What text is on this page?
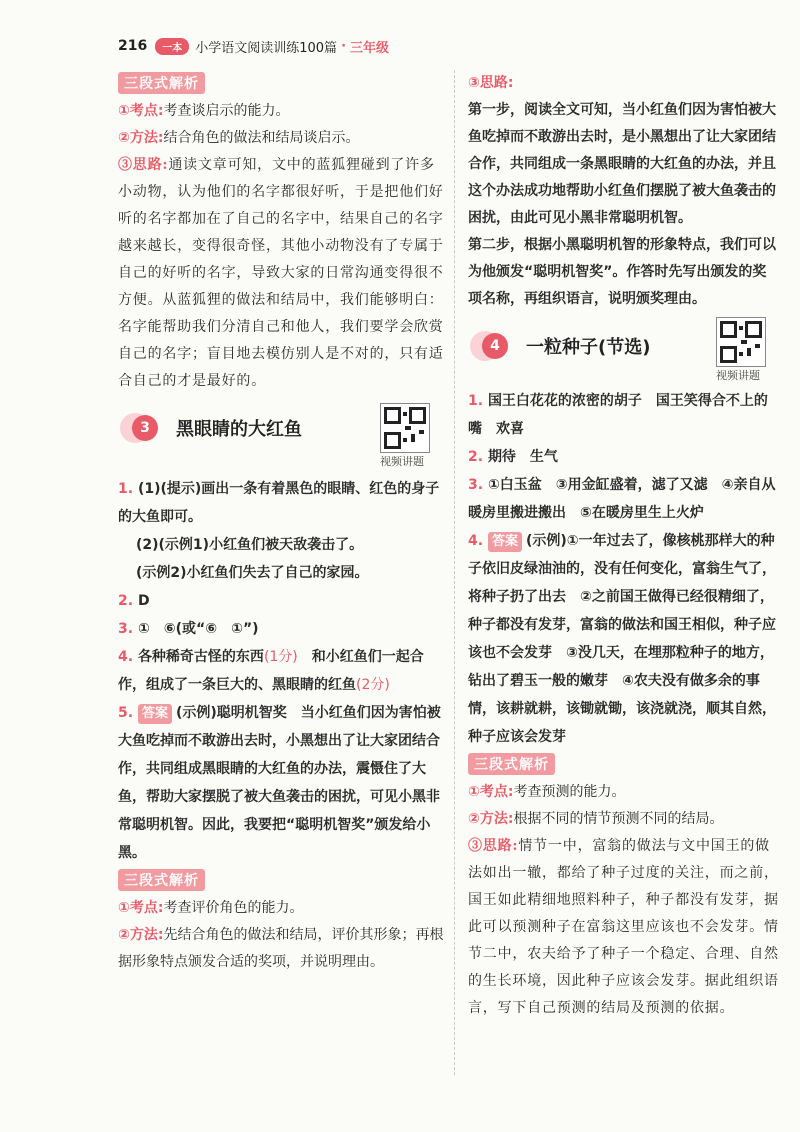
216	一本	小学语文阅读训练100篇 · 三年级
三段式解析

①考点:考查谈启示的能力。

②方法:结合角色的做法和结局谈启示。

③思路:通读文章可知，文中的蓝狐狸碰到了许多小动物，认为他们的名字都很好听，于是把他们好听的名字都加在了自己的名字中，结果自己的名字越来越长，变得很奇怪，其他小动物没有了专属于自己的好听的名字，导致大家的日常沟通变得很不方便。从蓝狐狸的做法和结局中，我们能够明白：名字能帮助我们分清自己和他人，我们要学会欣赏自己的名字；盲目地去模仿别人是不对的，只有适合自己的才是最好的。

3	黑眼睛的大红鱼
视频讲题

1. (1)(提示)画出一条有着黑色的眼睛、红色的身子的大鱼即可。

(2)(示例1)小红鱼们被天敌袭击了。

(示例2)小红鱼们失去了自己的家园。

2. D

3. ①　⑥(或“⑥　①”)

4. 各种稀奇古怪的东西(1分)　和小红鱼们一起合作，组成了一条巨大的、黑眼睛的红鱼(2分)

5. 答案 (示例)聪明机智奖　当小红鱼们因为害怕被大鱼吃掉而不敢游出去时，小黑想出了让大家团结合作，共同组成黑眼睛的大红鱼的办法，震慑住了大鱼，帮助大家摆脱了被大鱼袭击的困扰，可见小黑非常聪明机智。因此，我要把“聪明机智奖”颁发给小黑。

三段式解析

①考点:考查评价角色的能力。

②方法:先结合角色的做法和结局，评价其形象；再根据形象特点颁发合适的奖项，并说明理由。

③思路:

第一步，阅读全文可知，当小红鱼们因为害怕被大鱼吃掉而不敢游出去时，是小黑想出了让大家团结合作，共同组成一条黑眼睛的大红鱼的办法，并且这个办法成功地帮助小红鱼们摆脱了被大鱼袭击的困扰，由此可见小黑非常聪明机智。

第二步，根据小黑聪明机智的形象特点，我们可以为他颁发“聪明机智奖”。作答时先写出颁发的奖项名称，再组织语言，说明颁奖理由。

4	一粒种子(节选)
视频讲题

1. 国王白花花的浓密的胡子　国王笑得合不上的嘴　欢喜

2. 期待　生气

3. ①白玉盆　③用金缸盛着，滤了又滤　④亲自从暖房里搬进搬出　⑤在暖房里生上火炉

4. 答案 (示例)①一年过去了，像核桃那样大的种子依旧皮绿油油的，没有任何变化，富翁生气了，将种子扔了出去　②之前国王做得已经很精细了，种子都没有发芽，富翁的做法和国王相似，种子应该也不会发芽　③没几天，在埋那粒种子的地方，钻出了碧玉一般的嫩芽　④农夫没有做多余的事情，该耕就耕，该锄就锄，该浇就浇，顺其自然，种子应该会发芽

三段式解析

①考点:考查预测的能力。

②方法:根据不同的情节预测不同的结局。

③思路:情节一中，富翁的做法与文中国王的做法如出一辙，都给了种子过度的关注，而之前，国王如此精细地照料种子，种子都没有发芽，据此可以预测种子在富翁这里应该也不会发芽。情节二中，农夫给予了种子一个稳定、合理、自然的生长环境，因此种子应该会发芽。据此组织语言，写下自己预测的结局及预测的依据。
